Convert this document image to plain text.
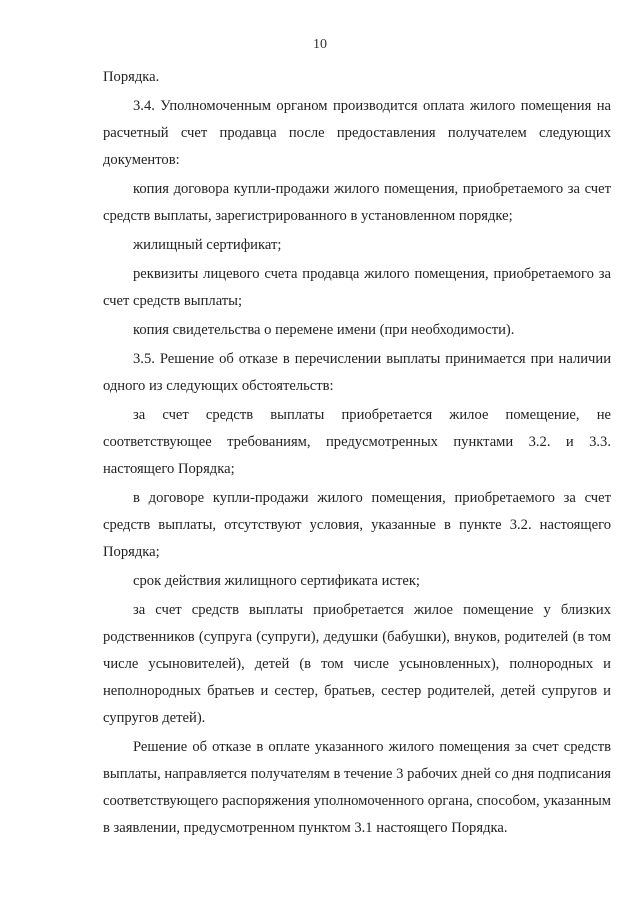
10

Порядка.

3.4. Уполномоченным органом производится оплата жилого помещения на расчетный счет продавца после предоставления получателем следующих документов:

копия договора купли-продажи жилого помещения, приобретаемого за счет средств выплаты, зарегистрированного в установленном порядке;

жилищный сертификат;

реквизиты лицевого счета продавца жилого помещения, приобретаемого за счет средств выплаты;

копия свидетельства о перемене имени (при необходимости).

3.5. Решение об отказе в перечислении выплаты принимается при наличии одного из следующих обстоятельств:

за счет средств выплаты приобретается жилое помещение, не соответствующее требованиям, предусмотренных пунктами 3.2. и 3.3. настоящего Порядка;

в договоре купли-продажи жилого помещения, приобретаемого за счет средств выплаты, отсутствуют условия, указанные в пункте 3.2. настоящего Порядка;

срок действия жилищного сертификата истек;

за счет средств выплаты приобретается жилое помещение у близких родственников (супруга (супруги), дедушки (бабушки), внуков, родителей (в том числе усыновителей), детей (в том числе усыновленных), полнородных и неполнородных братьев и сестер, братьев, сестер родителей, детей супругов и супругов детей).

Решение об отказе в оплате указанного жилого помещения за счет средств выплаты, направляется получателям в течение 3 рабочих дней со дня подписания соответствующего распоряжения уполномоченного органа, способом, указанным в заявлении, предусмотренном пунктом 3.1 настоящего Порядка.
